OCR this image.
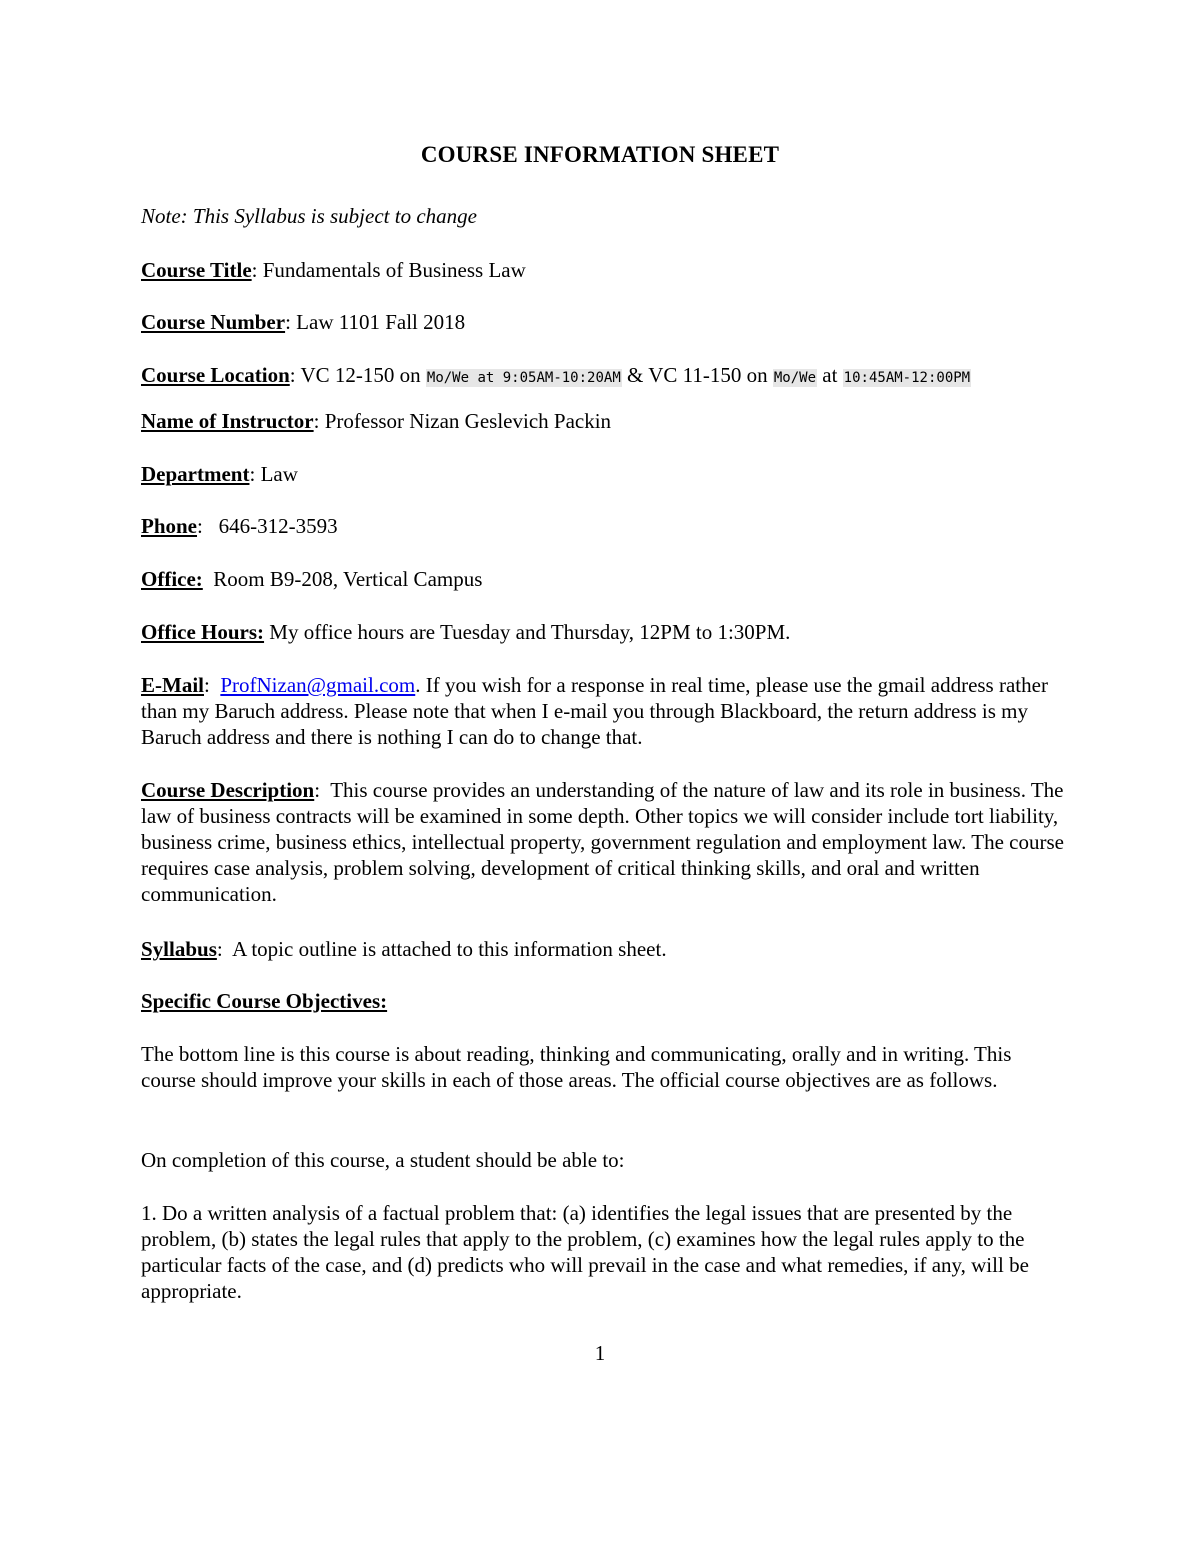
COURSE INFORMATION SHEET
Note: This Syllabus is subject to change
Course Title: Fundamentals of Business Law
Course Number: Law 1101 Fall 2018
Course Location: VC 12-150 on Mo/We at 9:05AM-10:20AM & VC 11-150 on Mo/We at 10:45AM-12:00PM
Name of Instructor: Professor Nizan Geslevich Packin
Department: Law
Phone:   646-312-3593
Office: Room B9-208, Vertical Campus
Office Hours: My office hours are Tuesday and Thursday, 12PM to 1:30PM.
E-Mail:  ProfNizan@gmail.com. If you wish for a response in real time, please use the gmail address rather than my Baruch address. Please note that when I e-mail you through Blackboard, the return address is my Baruch address and there is nothing I can do to change that.
Course Description:  This course provides an understanding of the nature of law and its role in business. The law of business contracts will be examined in some depth. Other topics we will consider include tort liability, business crime, business ethics, intellectual property, government regulation and employment law. The course requires case analysis, problem solving, development of critical thinking skills, and oral and written communication.
Syllabus:  A topic outline is attached to this information sheet.
Specific Course Objectives:
The bottom line is this course is about reading, thinking and communicating, orally and in writing. This course should improve your skills in each of those areas. The official course objectives are as follows.
On completion of this course, a student should be able to:
1. Do a written analysis of a factual problem that: (a) identifies the legal issues that are presented by the problem, (b) states the legal rules that apply to the problem, (c) examines how the legal rules apply to the particular facts of the case, and (d) predicts who will prevail in the case and what remedies, if any, will be appropriate.
1
